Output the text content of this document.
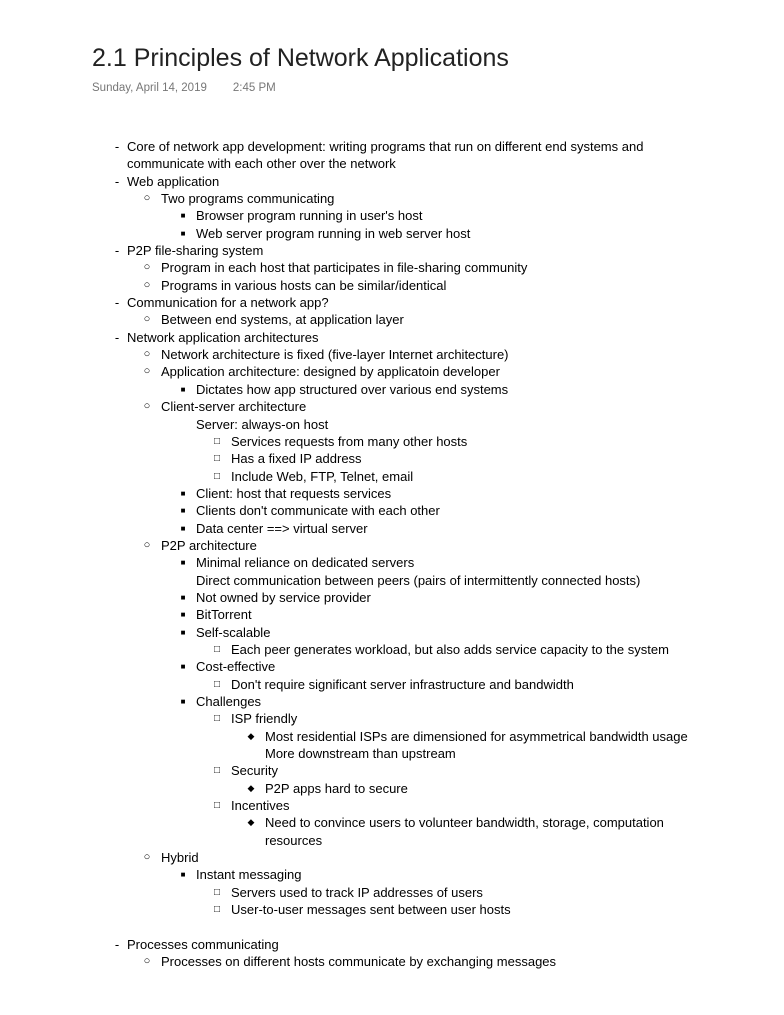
2.1 Principles of Network Applications
Sunday, April 14, 2019 2:45 PM
- Core of network app development: writing programs that run on different end systems and
communicate with each other over the network
- Web application
○ Two programs communicating
■ Browser program running in user's host
■ Web server program running in web server host
- P2P file-sharing system
○ Program in each host that participates in file-sharing community
○ Programs in various hosts can be similar/identical
- Communication for a network app?
○ Between end systems, at application layer
- Network application architectures
○ Network architecture is fixed (five-layer Internet architecture)
○ Application architecture: designed by applicatoin developer
■ Dictates how app structured over various end systems
○ Client-server architecture
Server: always-on host
□ Services requests from many other hosts
□ Has a fixed IP address
□ Include Web, FTP, Telnet, email
■ Client: host that requests services
■ Clients don't communicate with each other
■ Data center ==> virtual server
○ P2P architecture
■ Minimal reliance on dedicated servers
Direct communication between peers (pairs of intermittently connected hosts)
■ Not owned by service provider
■ BitTorrent
■ Self-scalable
□ Each peer generates workload, but also adds service capacity to the system
■ Cost-effective
□ Don't require significant server infrastructure and bandwidth
■ Challenges
□ ISP friendly
◆ Most residential ISPs are dimensioned for asymmetrical bandwidth usage
More downstream than upstream
□ Security
◆ P2P apps hard to secure
□ Incentives
◆ Need to convince users to volunteer bandwidth, storage, computation
resources
○ Hybrid
■ Instant messaging
□ Servers used to track IP addresses of users
□ User-to-user messages sent between user hosts
- Processes communicating
○ Processes on different hosts communicate by exchanging messages
